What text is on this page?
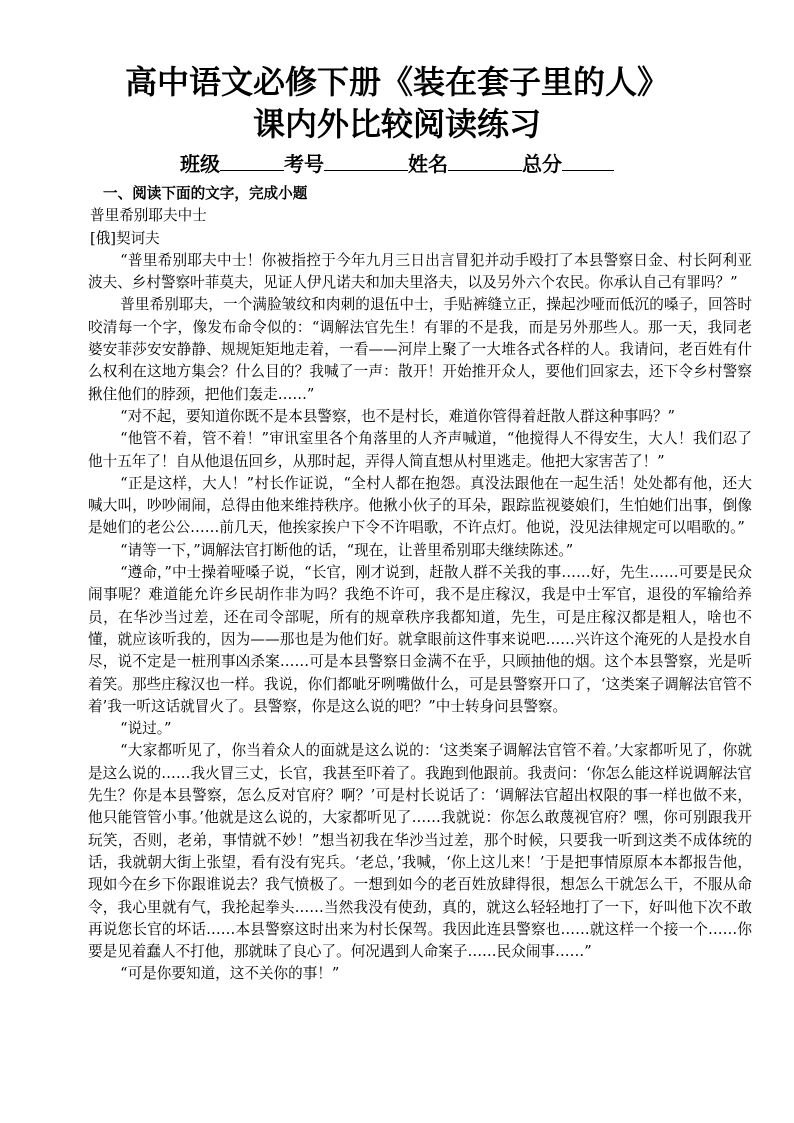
高中语文必修下册《装在套子里的人》
课内外比较阅读练习
班级	考号	姓名	总分

一、阅读下面的文字，完成小题

普里希别耶夫中士

[俄]契诃夫

“普里希别耶夫中士！你被指控于今年九月三日出言冒犯并动手殴打了本县警察日金、村长阿利亚波夫、乡村警察叶菲莫夫，见证人伊凡诺夫和加夫里洛夫，以及另外六个农民。你承认自己有罪吗？”

普里希别耶夫，一个满脸皱纹和肉刺的退伍中士，手贴裤缝立正，操起沙哑而低沉的嗓子，回答时咬清每一个字，像发布命令似的：“调解法官先生！有罪的不是我，而是另外那些人。那一天，我同老婆安菲莎安安静静、规规矩矩地走着，一看——河岸上聚了一大堆各式各样的人。我请问，老百姓有什么权利在这地方集会？什么目的？我喊了一声：散开！开始推开众人，要他们回家去，还下令乡村警察揪住他们的脖颈，把他们轰走……”

“对不起，要知道你既不是本县警察，也不是村长，难道你管得着赶散人群这种事吗？”

“他管不着，管不着！”审讯室里各个角落里的人齐声喊道，“他搅得人不得安生，大人！我们忍了他十五年了！自从他退伍回乡，从那时起，弄得人简直想从村里逃走。他把大家害苦了！”

“正是这样，大人！”村长作证说，“全村人都在抱怨。真没法跟他在一起生活！处处都有他，还大喊大叫，吵吵闹闹，总得由他来维持秩序。他揪小伙子的耳朵，跟踪监视婆娘们，生怕她们出事，倒像是她们的老公公……前几天，他挨家挨户下令不许唱歌，不许点灯。他说，没见法律规定可以唱歌的。”

“请等一下，”调解法官打断他的话，“现在，让普里希别耶夫继续陈述。”

“遵命，”中士操着哑嗓子说，“长官，刚才说到，赶散人群不关我的事……好，先生……可要是民众闹事呢？难道能允许乡民胡作非为吗？我绝不许可，我不是庄稼汉，我是中士军官，退役的军输给养员，在华沙当过差，还在司令部呢，所有的规章秩序我都知道，先生，可是庄稼汉都是粗人，啥也不懂，就应该听我的，因为——那也是为他们好。就拿眼前这件事来说吧……兴许这个淹死的人是投水自尽，说不定是一桩刑事凶杀案……可是本县警察日金满不在乎，只顾抽他的烟。这个本县警察，光是听着笑。那些庄稼汉也一样。我说，你们都呲牙咧嘴做什么，可是县警察开口了，‘这类案子调解法官管不着’我一听这话就冒火了。县警察，你是这么说的吧？”中士转身问县警察。

“说过。”

“大家都听见了，你当着众人的面就是这么说的：‘这类案子调解法官管不着。’大家都听见了，你就是这么说的……我火冒三丈，长官，我甚至吓着了。我跑到他跟前。我责问：‘你怎么能这样说调解法官先生？你是本县警察，怎么反对官府？啊？’可是村长说话了：‘调解法官超出权限的事一样也做不来，他只能管管小事。’他就是这么说的，大家都听见了……我就说：你怎么敢蔑视官府？嘿，你可别跟我开玩笑，否则，老弟，事情就不妙！”想当初我在华沙当过差，那个时候，只要我一听到这类不成体统的话，我就朝大街上张望，看有没有宪兵。‘老总，’我喊，‘你上这儿来！’于是把事情原原本本都报告他，现如今在乡下你跟谁说去？我气愤极了。一想到如今的老百姓放肆得很，想怎么干就怎么干，不服从命令，我心里就有气，我抡起拳头……当然我没有使劲，真的，就这么轻轻地打了一下，好叫他下次不敢再说您长官的坏话……本县警察这时出来为村长保驾。我因此连县警察也……就这样一个接一个……你要是见着蠢人不打他，那就昧了良心了。何况遇到人命案子……民众闹事……”

“可是你要知道，这不关你的事！”
